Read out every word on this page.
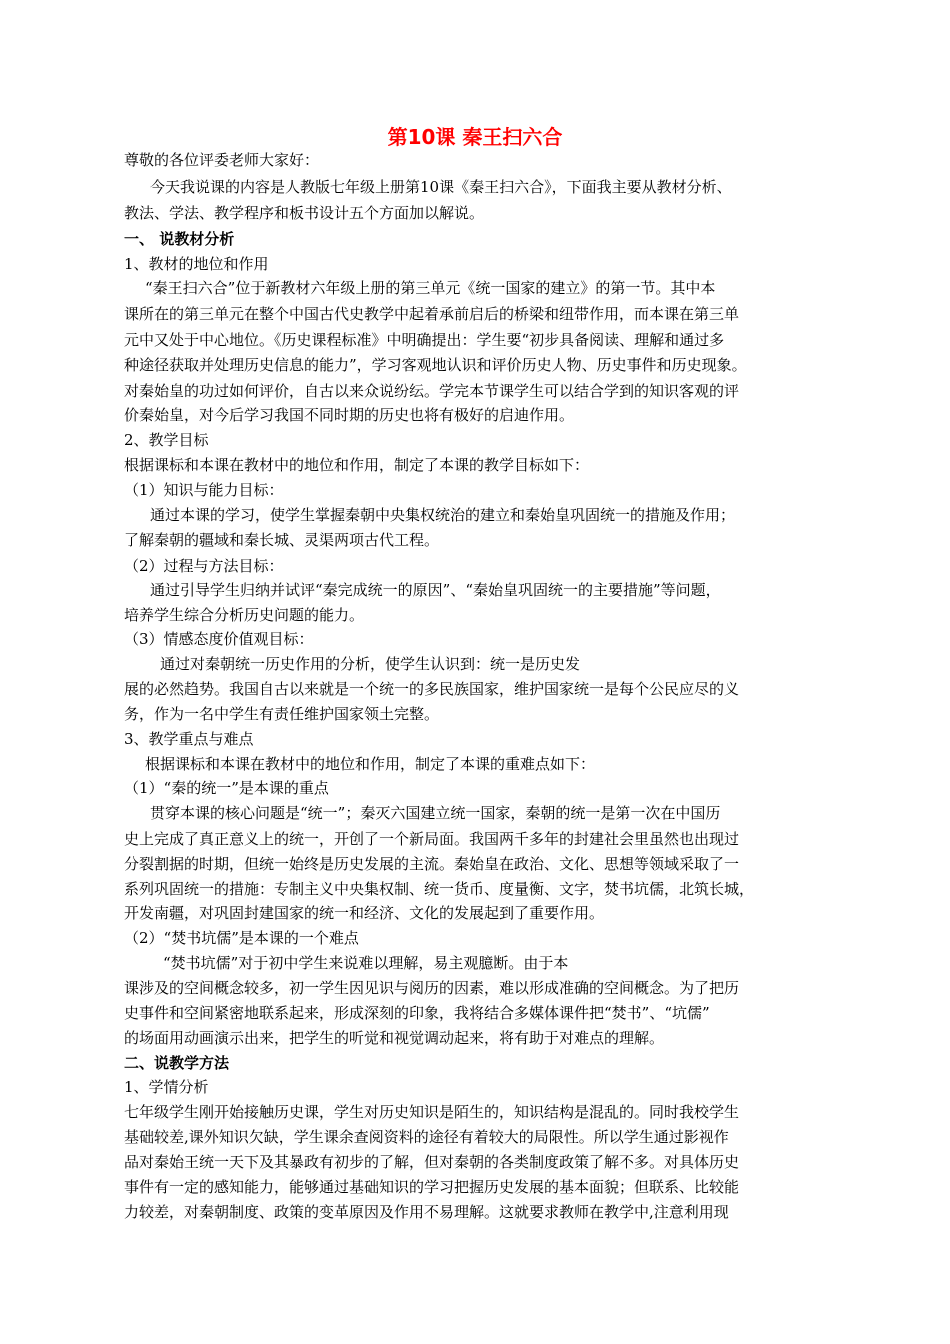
第10课 秦王扫六合
尊敬的各位评委老师大家好：
今天我说课的内容是人教版七年级上册第10课《秦王扫六合》，下面我主要从教材分析、
教法、学法、教学程序和板书设计五个方面加以解说。
一、 说教材分析
1、教材的地位和作用
“秦王扫六合”位于新教材六年级上册的第三单元《统一国家的建立》的第一节。其中本
课所在的第三单元在整个中国古代史教学中起着承前启后的桥梁和纽带作用，而本课在第三单
元中又处于中心地位。《历史课程标准》中明确提出：学生要“初步具备阅读、理解和通过多
种途径获取并处理历史信息的能力”，学习客观地认识和评价历史人物、历史事件和历史现象。
对秦始皇的功过如何评价，自古以来众说纷纭。学完本节课学生可以结合学到的知识客观的评
价秦始皇，对今后学习我国不同时期的历史也将有极好的启迪作用。
2、教学目标
根据课标和本课在教材中的地位和作用，制定了本课的教学目标如下：
（1）知识与能力目标：
通过本课的学习，使学生掌握秦朝中央集权统治的建立和秦始皇巩固统一的措施及作用；
了解秦朝的疆域和秦长城、灵渠两项古代工程。
（2）过程与方法目标：
通过引导学生归纳并试评“秦完成统一的原因”、“秦始皇巩固统一的主要措施”等问题，
培养学生综合分析历史问题的能力。
（3）情感态度价值观目标：
通过对秦朝统一历史作用的分析，使学生认识到：统一是历史发
展的必然趋势。我国自古以来就是一个统一的多民族国家，维护国家统一是每个公民应尽的义
务，作为一名中学生有责任维护国家领土完整。
3、教学重点与难点
根据课标和本课在教材中的地位和作用，制定了本课的重难点如下：
（1）“秦的统一”是本课的重点
贯穿本课的核心问题是“统一”；秦灭六国建立统一国家，秦朝的统一是第一次在中国历
史上完成了真正意义上的统一，开创了一个新局面。我国两千多年的封建社会里虽然也出现过
分裂割据的时期，但统一始终是历史发展的主流。秦始皇在政治、文化、思想等领域采取了一
系列巩固统一的措施：专制主义中央集权制、统一货币、度量衡、文字，焚书坑儒，北筑长城，
开发南疆，对巩固封建国家的统一和经济、文化的发展起到了重要作用。
（2）“焚书坑儒”是本课的一个难点
“焚书坑儒”对于初中学生来说难以理解，易主观臆断。由于本
课涉及的空间概念较多，初一学生因见识与阅历的因素，难以形成准确的空间概念。为了把历
史事件和空间紧密地联系起来，形成深刻的印象，我将结合多媒体课件把“焚书”、“坑儒”
的场面用动画演示出来，把学生的听觉和视觉调动起来，将有助于对难点的理解。
二、说教学方法
1、学情分析
七年级学生刚开始接触历史课，学生对历史知识是陌生的，知识结构是混乱的。同时我校学生
基础较差,课外知识欠缺，学生课余查阅资料的途径有着较大的局限性。所以学生通过影视作
品对秦始王统一天下及其暴政有初步的了解，但对秦朝的各类制度政策了解不多。对具体历史
事件有一定的感知能力，能够通过基础知识的学习把握历史发展的基本面貌；但联系、比较能
力较差，对秦朝制度、政策的变革原因及作用不易理解。这就要求教师在教学中,注意利用现
